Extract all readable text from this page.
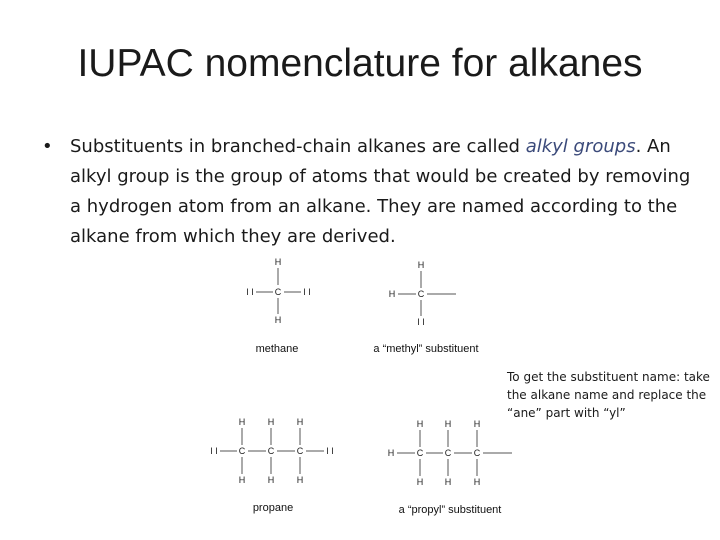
IUPAC nomenclature for alkanes
• Substituents in branched-chain alkanes are called alkyl groups. An alkyl group is the group of atoms that would be created by removing a hydrogen atom from an alkane. They are named according to the alkane from which they are derived.
To get the substituent name: take the alkane name and replace the “ane” part with “yl”
H
C
H
I I	I I
methane
H
C
I I
H
a “methyl” substituent
H	H	H
C	C	C
H	H	H
I I	I I
propane
H H	H
C C	C
H H	H
H
a “propyl” substituent
